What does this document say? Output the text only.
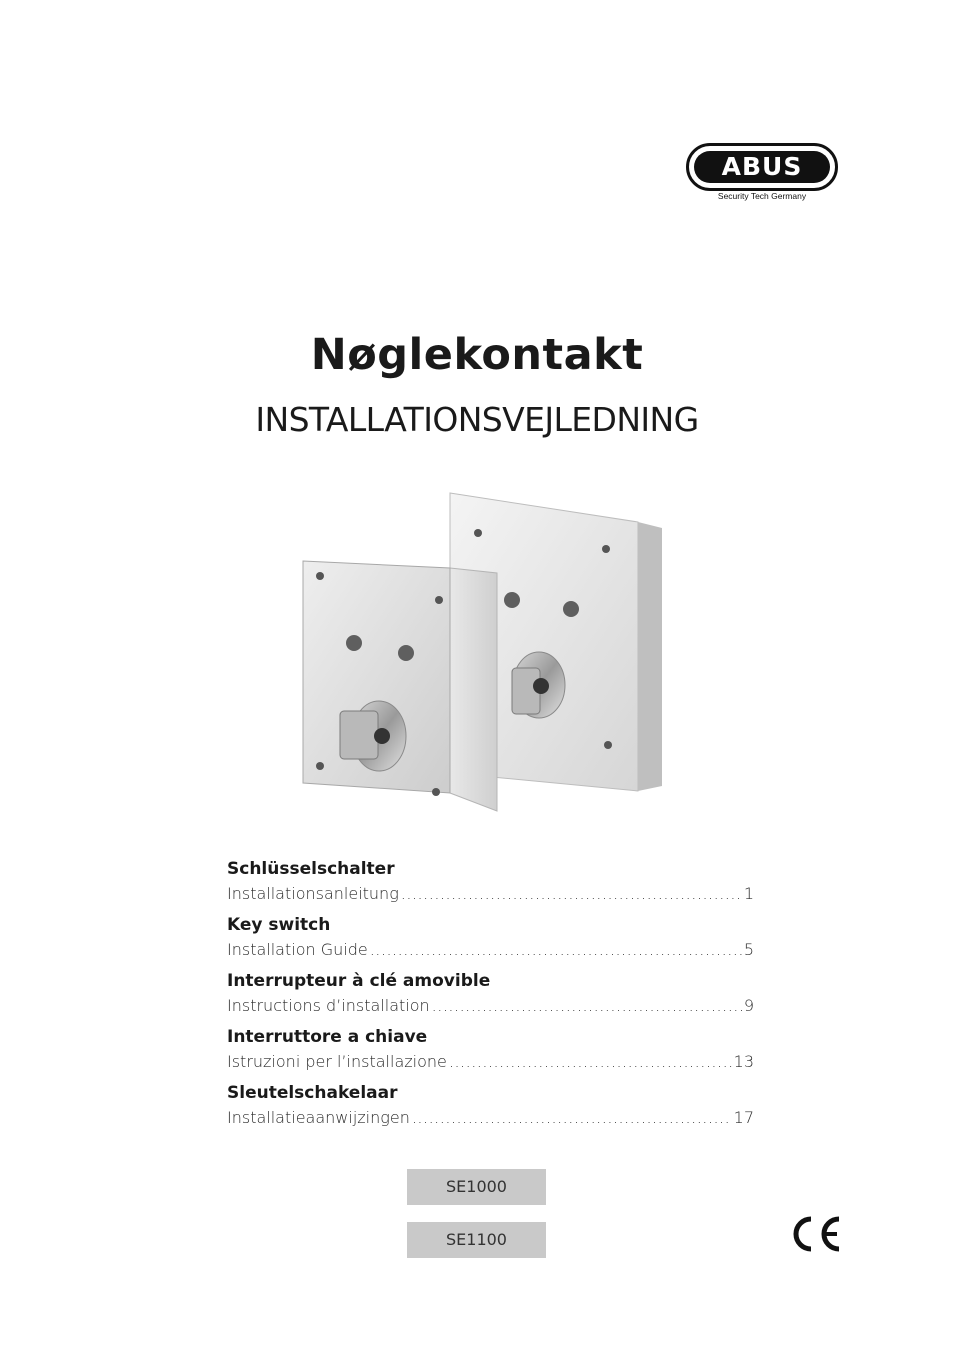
ABUS
Security Tech Germany
Nøglekontakt
INSTALLATIONSVEJLEDNING
Schlüsselschalter
Installationsanleitung .....	1
Key switch
Installation Guide .....	5
Interrupteur à clé amovible
Instructions d’installation .....	9
Interruttore a chiave
Istruzioni per l’installazione .....	13
Sleutelschakelaar
Installatieaanwijzingen .....	17
SE1000
SE1100
